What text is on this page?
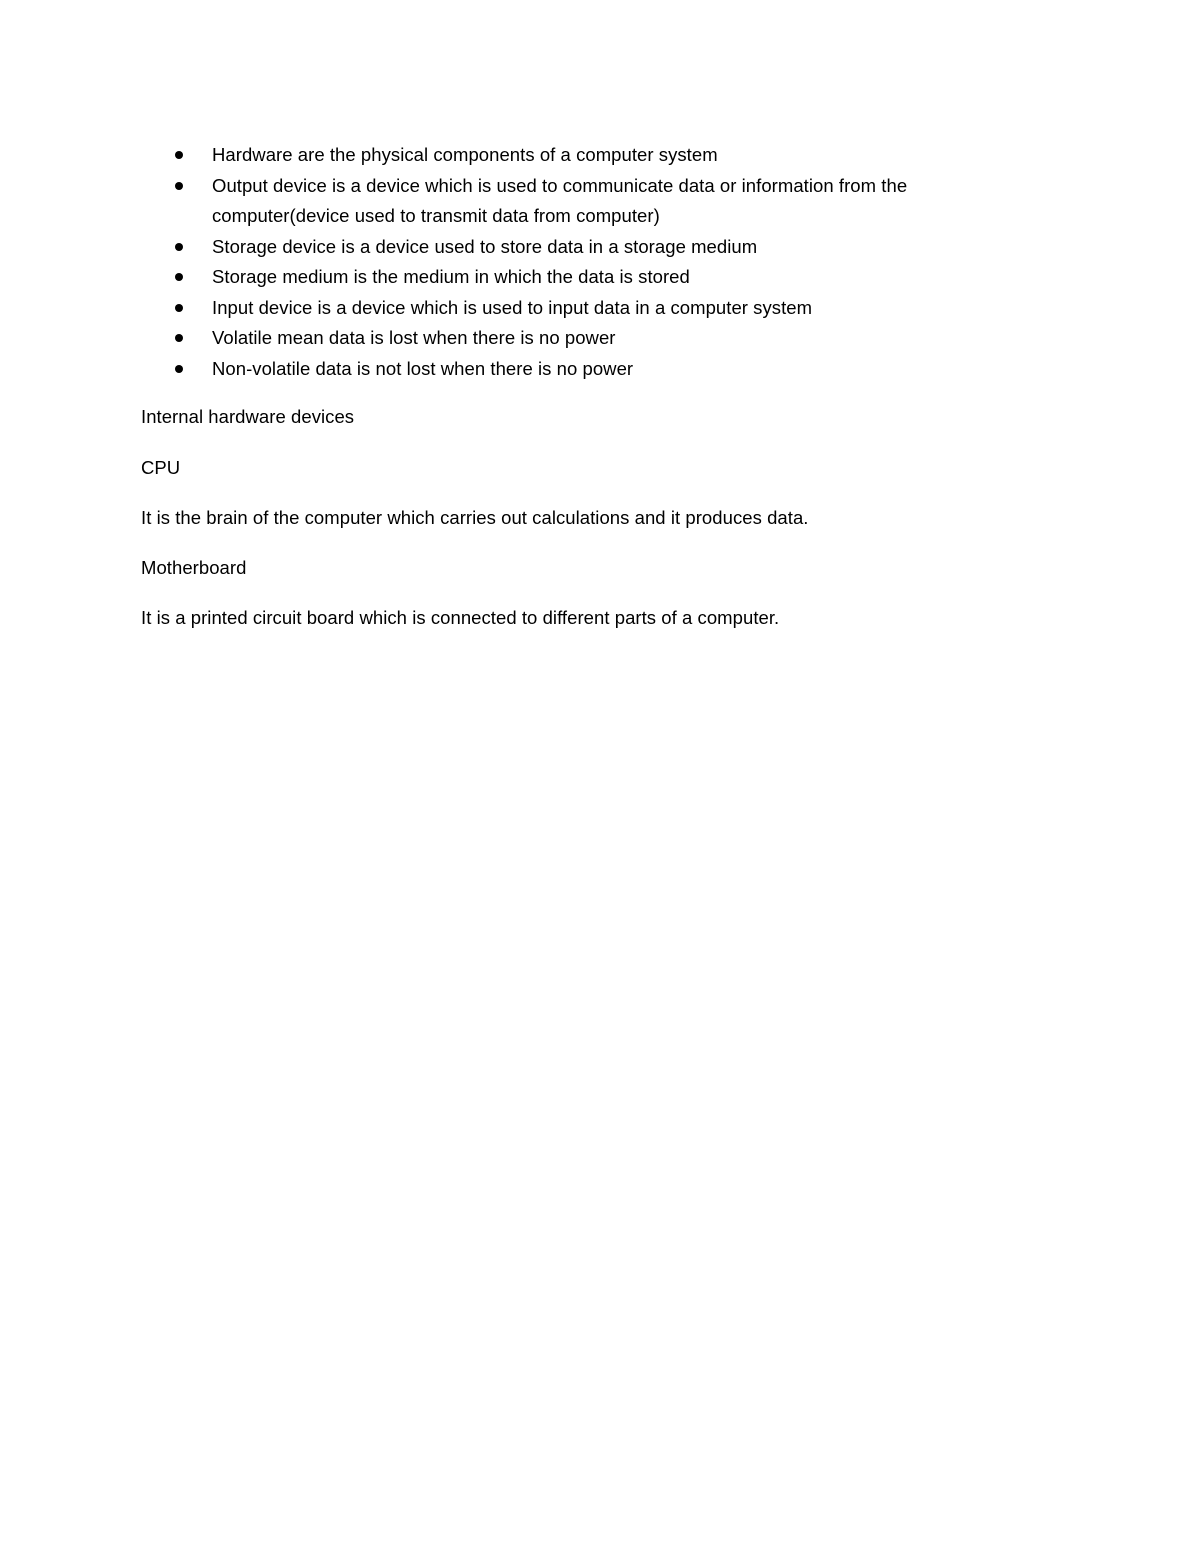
Hardware are the physical components of a computer system
Output device is a device which is used to communicate data or information from the computer(device used to transmit data from computer)
Storage device is a device used to store data in a storage medium
Storage medium is the medium in which the data is stored
Input device is a device which is used to input data in a computer system
Volatile mean data is lost when there is no power
Non-volatile data is not lost when there is no power

Internal hardware devices

CPU

It is the brain of the computer which carries out calculations and it produces data.

Motherboard

It is a printed circuit board which is connected to different parts of a computer.
